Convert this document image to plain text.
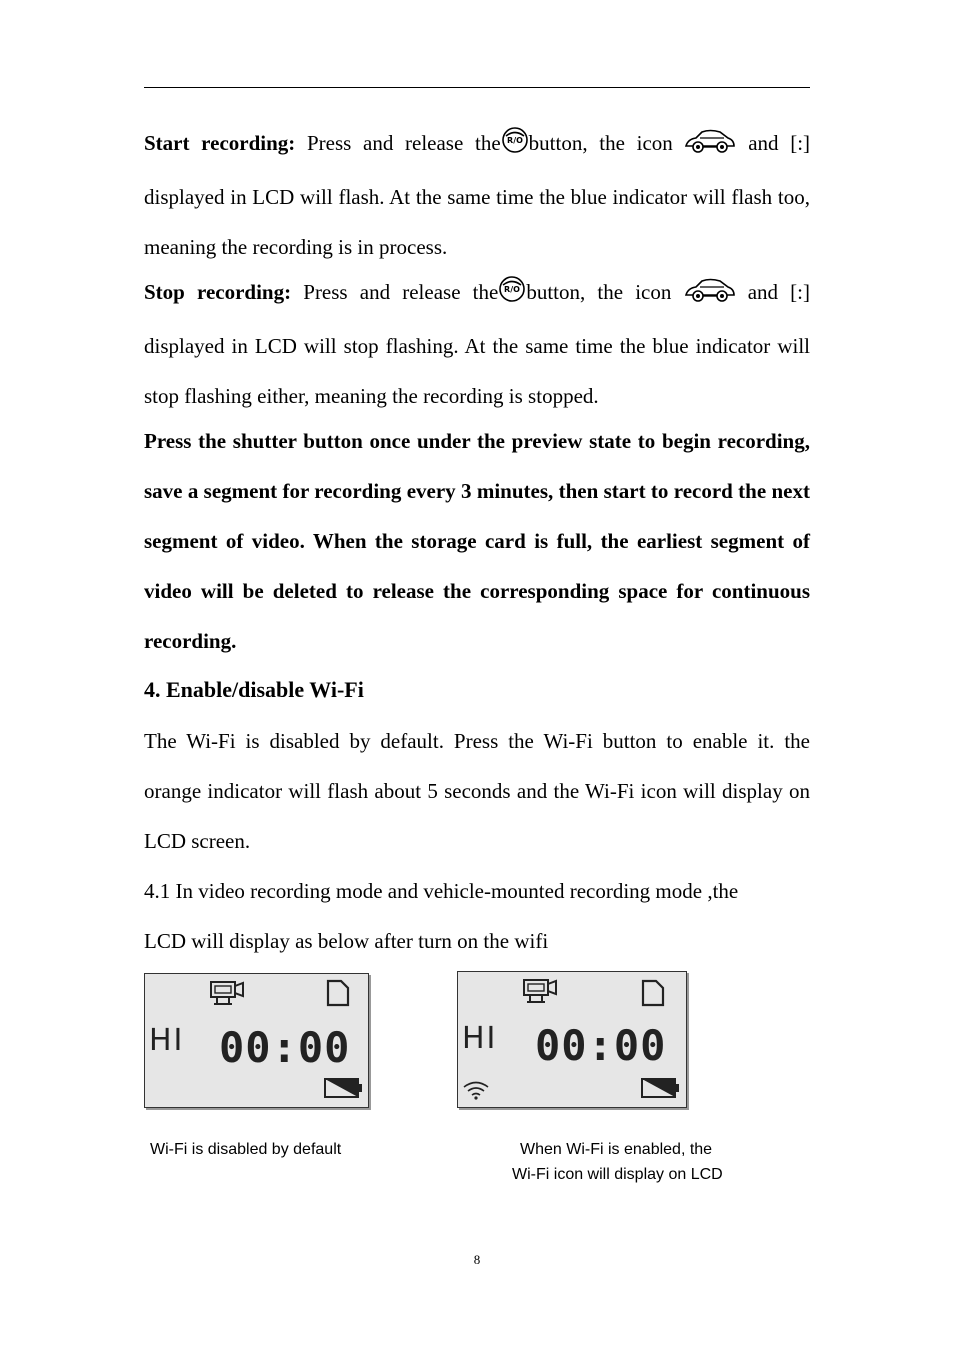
Start recording: Press and release the R/O button, the icon	and [:] displayed in LCD will flash. At the same time the blue indicator will flash too, meaning the recording is in process.

Stop recording: Press and release the R/O button, the icon	and [:] displayed in LCD will stop flashing. At the same time the blue indicator will stop flashing either, meaning the recording is stopped.

Press the shutter button once under the preview state to begin recording, save a segment for recording every 3 minutes, then start to record the next segment of video. When the storage card is full, the earliest segment of video will be deleted to release the corresponding space for continuous recording.

4. Enable/disable Wi-Fi

The Wi-Fi is disabled by default. Press the Wi-Fi button to enable it. the orange indicator will flash about 5 seconds and the Wi-Fi icon will display on LCD screen.

4.1 In video recording mode and vehicle-mounted recording mode ,the

LCD will display as below after turn on the wifi

HI 00:00	HI 00:00
Wi-Fi is disabled by default	When Wi-Fi is enabled, the
Wi-Fi icon will display on LCD
8
